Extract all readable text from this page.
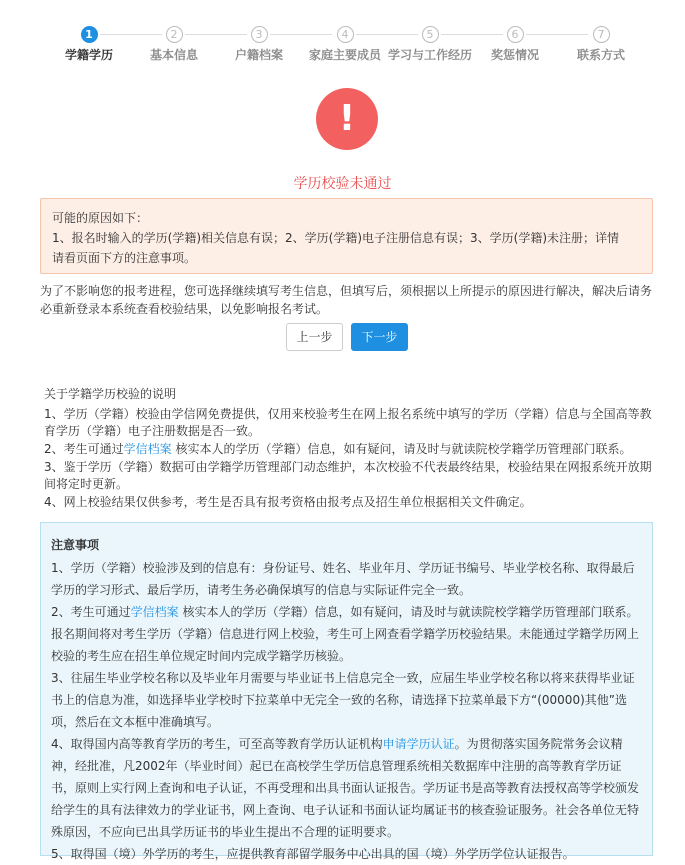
1
学籍学历
2
基本信息
3
户籍档案
4
家庭主要成员
5
学习与工作经历
6
奖惩情况
7
联系方式
!
学历校验未通过
可能的原因如下：
1、报名时输入的学历(学籍)相关信息有误；2、学历(学籍)电子注册信息有误；3、学历(学籍)未注册；详情
请看页面下方的注意事项。
为了不影响您的报考进程，您可选择继续填写考生信息，但填写后，须根据以上所提示的原因进行解决，解决后请务
必重新登录本系统查看校验结果，以免影响报名考试。
上一步	下一步
关于学籍学历校验的说明

1、学历（学籍）校验由学信网免费提供，仅用来校验考生在网上报名系统中填写的学历（学籍）信息与全国高等教育学历（学籍）电子注册数据是否一致。

2、考生可通过学信档案 核实本人的学历（学籍）信息，如有疑问，请及时与就读院校学籍学历管理部门联系。

3、鉴于学历（学籍）数据可由学籍学历管理部门动态维护，本次校验不代表最终结果，校验结果在网报系统开放期间将定时更新。

4、网上校验结果仅供参考，考生是否具有报考资格由报考点及招生单位根据相关文件确定。

注意事项
1、学历（学籍）校验涉及到的信息有：身份证号、姓名、毕业年月、学历证书编号、毕业学校名称、取得最后学历的学习形式、最后学历，请考生务必确保填写的信息与实际证件完全一致。
2、考生可通过学信档案 核实本人的学历（学籍）信息，如有疑问，请及时与就读院校学籍学历管理部门联系。报名期间将对考生学历（学籍）信息进行网上校验，考生可上网查看学籍学历校验结果。未能通过学籍学历网上校验的考生应在招生单位规定时间内完成学籍学历核验。
3、往届生毕业学校名称以及毕业年月需要与毕业证书上信息完全一致，应届生毕业学校名称以将来获得毕业证书上的信息为准，如选择毕业学校时下拉菜单中无完全一致的名称，请选择下拉菜单最下方“(00000)其他”选项，然后在文本框中准确填写。
4、取得国内高等教育学历的考生，可至高等教育学历认证机构申请学历认证。为贯彻落实国务院常务会议精神，经批准，凡2002年（毕业时间）起已在高校学生学历信息管理系统相关数据库中注册的高等教育学历证书，原则上实行网上查询和电子认证，不再受理和出具书面认证报告。学历证书是高等教育法授权高等学校颁发给学生的具有法律效力的学业证书，网上查询、电子认证和书面认证均属证书的核查验证服务。社会各单位无特殊原因，不应向已出具学历证书的毕业生提出不合理的证明要求。
5、取得国（境）外学历的考生，应提供教育部留学服务中心出具的国（境）外学历学位认证报告。
